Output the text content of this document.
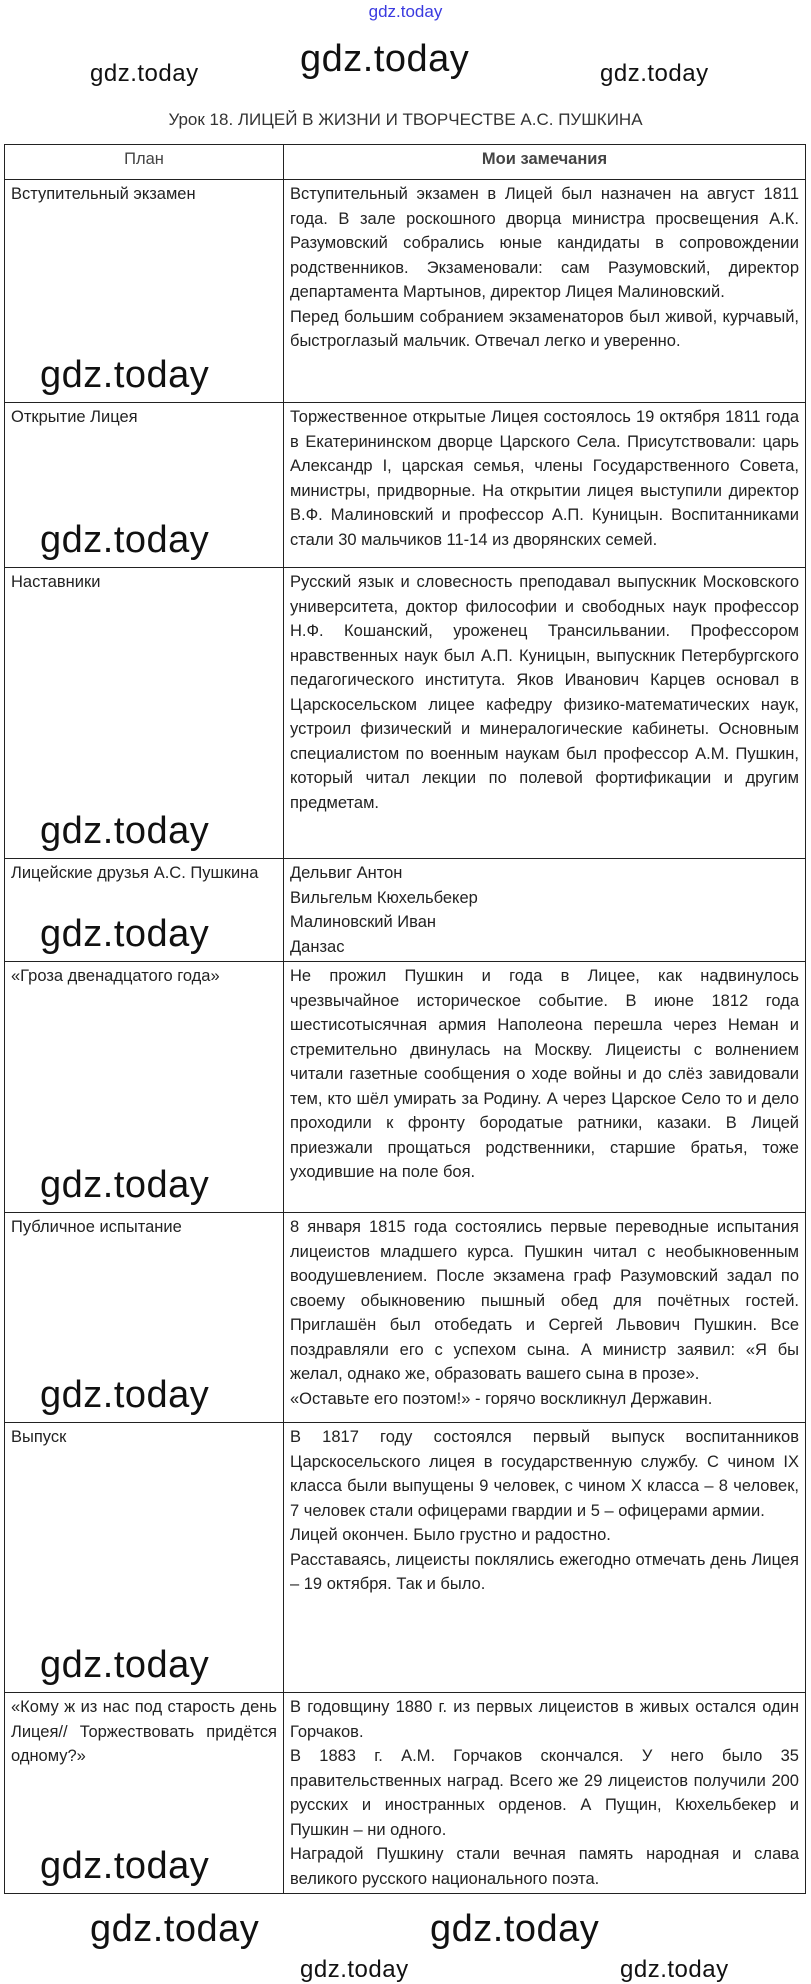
gdz.today
Урок 18. ЛИЦЕЙ В ЖИЗНИ И ТВОРЧЕСТВЕ А.С. ПУШКИНА
План	Мои замечания
Вступительный экзамен	Вступительный экзамен в Лицей был назначен на август 1811 года. В зале роскошного дворца министра просвещения А.К. Разумовский собрались юные кандидаты в сопровождении родственников. Экзаменовали: сам Разумовский, директор департамента Мартынов, директор Лицея Малиновский.
Перед большим собранием экзаменаторов был живой, курчавый, быстроглазый мальчик. Отвечал легко и уверенно.

Открытие Лицея	Торжественное открытые Лицея состоялось 19 октября 1811 года в Екатерининском дворце Царского Села. Присутствовали: царь Александр I, царская семья, члены Государственного Совета, министры, придворные. На открытии лицея выступили директор В.Ф. Малиновский и профессор А.П. Куницын. Воспитанниками стали 30 мальчиков 11-14 из дворянских семей.

Наставники	Русский язык и словесность преподавал выпускник Московского университета, доктор философии и свободных наук профессор Н.Ф. Кошанский, уроженец Трансильвании. Профессором нравственных наук был А.П. Куницын, выпускник Петербургского педагогического института. Яков Иванович Карцев основал в Царскосельском лицее кафедру физико-математических наук, устроил физический и минералогические кабинеты. Основным специалистом по военным наукам был профессор А.М. Пушкин, который читал лекции по полевой фортификации и другим предметам.

Лицейские друзья А.С. Пушкина	Дельвиг Антон
Вильгельм Кюхельбекер
Малиновский Иван
Данзас

«Гроза двенадцатого года»	Не прожил Пушкин и года в Лицее, как надвинулось чрезвычайное историческое событие. В июне 1812 года шестисотысячная армия Наполеона перешла через Неман и стремительно двинулась на Москву. Лицеисты с волнением читали газетные сообщения о ходе войны и до слёз завидовали тем, кто шёл умирать за Родину. А через Царское Село то и дело проходили к фронту бородатые ратники, казаки. В Лицей приезжали прощаться родственники, старшие братья, тоже уходившие на поле боя.

Публичное испытание	8 января 1815 года состоялись первые переводные испытания лицеистов младшего курса. Пушкин читал с необыкновенным воодушевлением. После экзамена граф Разумовский задал по своему обыкновению пышный обед для почётных гостей. Приглашён был отобедать и Сергей Львович Пушкин. Все поздравляли его с успехом сына. А министр заявил: «Я бы желал, однако же, образовать вашего сына в прозе».
«Оставьте его поэтом!» - горячо воскликнул Державин.

Выпуск	В 1817 году состоялся первый выпуск воспитанников Царскосельского лицея в государственную службу. С чином IX класса были выпущены 9 человек, с чином X класса – 8 человек, 7 человек стали офицерами гвардии и 5 – офицерами армии.
Лицей окончен. Было грустно и радостно.
Расставаясь, лицеисты поклялись ежегодно отмечать день Лицея – 19 октября. Так и было.

«Кому ж из нас под старость день Лицея// Торжествовать придётся одному?»	В годовщину 1880 г. из первых лицеистов в живых остался один Горчаков.
В 1883 г. А.М. Горчаков скончался. У него было 35 правительственных наград. Всего же 29 лицеистов получили 200 русских и иностранных орденов. А Пущин, Кюхельбекер и Пушкин – ни одного.
Наградой Пушкину стали вечная память народная и слава великого русского национального поэта.
gdz.today
gdz.today	gdz.today
gdz.today
gdz.today
gdz.today
gdz.today
gdz.today
gdz.today
gdz.today
gdz.today
gdz.today	gdz.today
gdz.today	gdz.today
